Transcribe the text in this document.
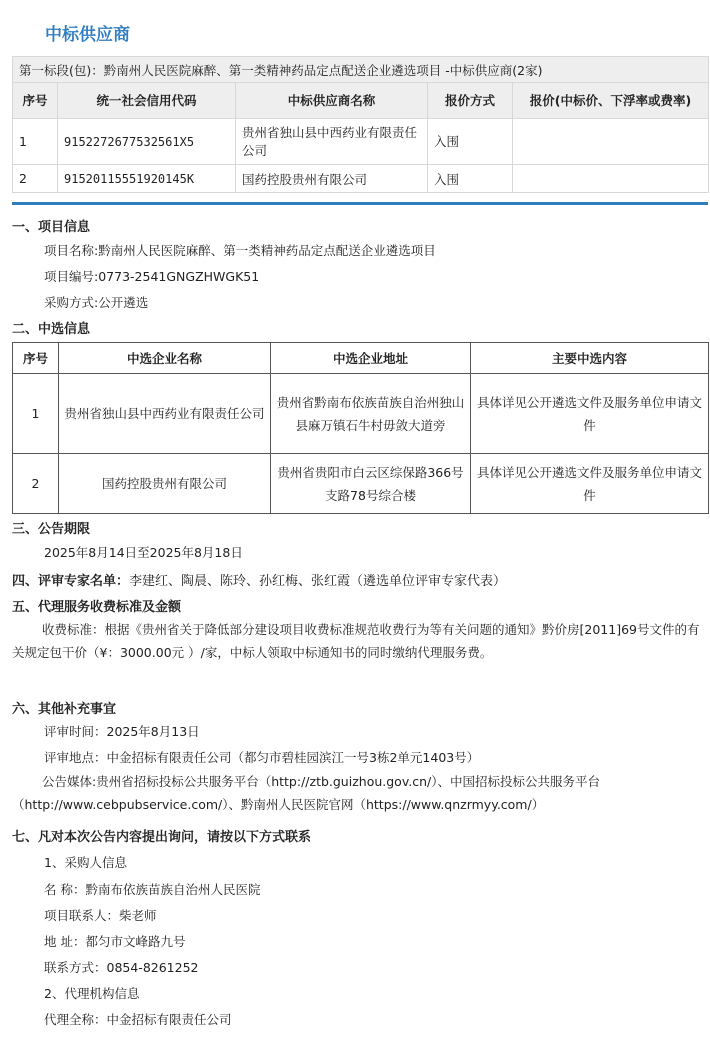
中标供应商
第一标段(包)：黔南州人民医院麻醉、第一类精神药品定点配送企业遴选项目 -中标供应商(2家)				
序号	统一社会信用代码	中标供应商名称	报价方式	报价(中标价、下浮率或费率)
1	9152272677532561X5	贵州省独山县中西药业有限责任公司	入围	
2	91520115551920145K	国药控股贵州有限公司	入围	
一、项目信息
项目名称:黔南州人民医院麻醉、第一类精神药品定点配送企业遴选项目
项目编号:0773-2541GNGZHWGK51
采购方式:公开遴选
二、中选信息
序号	中选企业名称	中选企业地址	主要中选内容
1	贵州省独山县中西药业有限责任公司	贵州省黔南布依族苗族自治州独山县麻万镇石牛村毋敛大道旁	具体详见公开遴选文件及服务单位申请文件
2	国药控股贵州有限公司	贵州省贵阳市白云区综保路366号支路78号综合楼	具体详见公开遴选文件及服务单位申请文件
三、公告期限
2025年8月14日至2025年8月18日
四、评审专家名单：李建红、陶晨、陈玲、孙红梅、张红霞（遴选单位评审专家代表）
五、代理服务收费标准及金额
收费标准：根据《贵州省关于降低部分建设项目收费标准规范收费行为等有关问题的通知》黔价房[2011]69号文件的有关规定包干价（¥：3000.00元 ）/家，中标人领取中标通知书的同时缴纳代理服务费。
六、其他补充事宜
评审时间：2025年8月13日
评审地点：中金招标有限责任公司（都匀市碧桂园滨江一号3栋2单元1403号）
公告媒体:贵州省招标投标公共服务平台（http://ztb.guizhou.gov.cn/）、中国招标投标公共服务平台（http://www.cebpubservice.com/）、黔南州人民医院官网（https://www.qnzrmyy.com/）
七、凡对本次公告内容提出询问，请按以下方式联系
1、采购人信息
名 称：黔南布依族苗族自治州人民医院
项目联系人：柴老师
地 址：都匀市文峰路九号
联系方式：0854-8261252
2、代理机构信息
代理全称：中金招标有限责任公司
